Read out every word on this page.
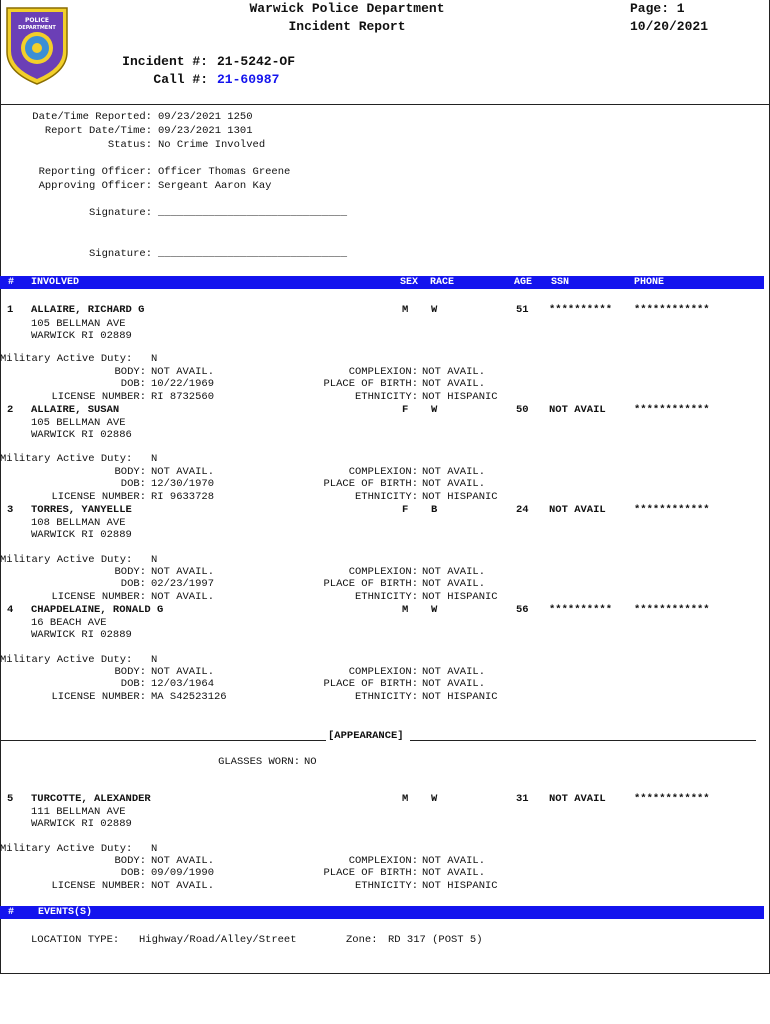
POLICE
DEPARTMENT
Warwick Police Department
Incident Report
Page: 1
10/20/2021
Incident #: 21-5242-OF
Call #: 21-60987
Date/Time Reported: 09/23/2021 1250
Report Date/Time: 09/23/2021 1301
Status: No Crime Involved
Reporting Officer: Officer Thomas Greene
Approving Officer: Sergeant Aaron Kay
Signature: ______________________________
Signature: ______________________________
# INVOLVED	SEX RACE	AGE SSN	PHONE
1 ALLAIRE, RICHARD G	M W	51 ********** ************
105 BELLMAN AVE
WARWICK RI 02889
Military Active Duty: N
BODY: NOT AVAIL.
DOB: 10/22/1969
LICENSE NUMBER: RI 8732560
COMPLEXION: NOT AVAIL.
PLACE OF BIRTH: NOT AVAIL.
ETHNICITY: NOT HISPANIC
2 ALLAIRE, SUSAN	F W	50 NOT AVAIL	************
105 BELLMAN AVE
WARWICK RI 02886
Military Active Duty: N
BODY: NOT AVAIL.
DOB: 12/30/1970
LICENSE NUMBER: RI 9633728
COMPLEXION: NOT AVAIL.
PLACE OF BIRTH: NOT AVAIL.
ETHNICITY: NOT HISPANIC
3 TORRES, YANYELLE	F B	24 NOT AVAIL	************
108 BELLMAN AVE
WARWICK RI 02889
Military Active Duty: N
BODY: NOT AVAIL.
DOB: 02/23/1997
LICENSE NUMBER: NOT AVAIL.
COMPLEXION: NOT AVAIL.
PLACE OF BIRTH: NOT AVAIL.
ETHNICITY: NOT HISPANIC
4 CHAPDELAINE, RONALD G	M W	56 ********** ************
16 BEACH AVE
WARWICK RI 02889
Military Active Duty: N
BODY: NOT AVAIL.
DOB: 12/03/1964
LICENSE NUMBER: MA S42523126
COMPLEXION: NOT AVAIL.
PLACE OF BIRTH: NOT AVAIL.
ETHNICITY: NOT HISPANIC
[APPEARANCE]
GLASSES WORN: NO
5 TURCOTTE, ALEXANDER	M W	31 NOT AVAIL	************
111 BELLMAN AVE
WARWICK RI 02889
Military Active Duty: N
BODY: NOT AVAIL.
DOB: 09/09/1990
LICENSE NUMBER: NOT AVAIL.
COMPLEXION: NOT AVAIL.
PLACE OF BIRTH: NOT AVAIL.
ETHNICITY: NOT HISPANIC
# EVENTS(S)
LOCATION TYPE: Highway/Road/Alley/Street	Zone: RD 317 (POST 5)
